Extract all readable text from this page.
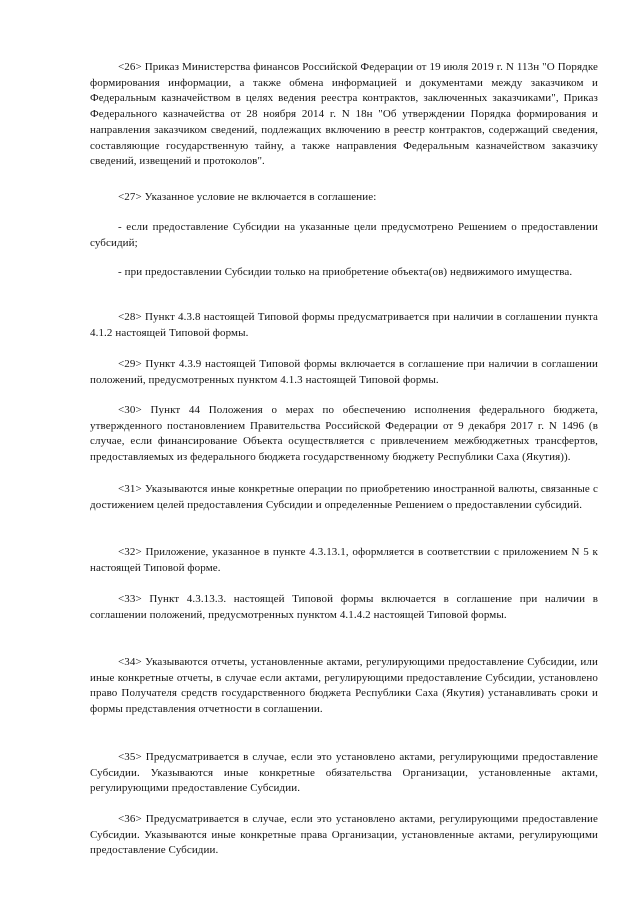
<26> Приказ Министерства финансов Российской Федерации от 19 июля 2019 г. N 113н "О Порядке формирования информации, а также обмена информацией и документами между заказчиком и Федеральным казначейством в целях ведения реестра контрактов, заключенных заказчиками", Приказ Федерального казначейства от 28 ноября 2014 г. N 18н "Об утверждении Порядка формирования и направления заказчиком сведений, подлежащих включению в реестр контрактов, содержащий сведения, составляющие государственную тайну, а также направления Федеральным казначейством заказчику сведений, извещений и протоколов".

<27> Указанное условие не включается в соглашение:

- если предоставление Субсидии на указанные цели предусмотрено Решением о предоставлении субсидий;

- при предоставлении Субсидии только на приобретение объекта(ов) недвижимого имущества.

<28> Пункт 4.3.8 настоящей Типовой формы предусматривается при наличии в соглашении пункта 4.1.2 настоящей Типовой формы.

<29> Пункт 4.3.9 настоящей Типовой формы включается в соглашение при наличии в соглашении положений, предусмотренных пунктом 4.1.3 настоящей Типовой формы.

<30> Пункт 44 Положения о мерах по обеспечению исполнения федерального бюджета, утвержденного постановлением Правительства Российской Федерации от 9 декабря 2017 г. N 1496 (в случае, если финансирование Объекта осуществляется с привлечением межбюджетных трансфертов, предоставляемых из федерального бюджета государственному бюджету Республики Саха (Якутия)).

<31> Указываются иные конкретные операции по приобретению иностранной валюты, связанные с достижением целей предоставления Субсидии и определенные Решением о предоставлении субсидий.

<32> Приложение, указанное в пункте 4.3.13.1, оформляется в соответствии с приложением N 5 к настоящей Типовой форме.

<33> Пункт 4.3.13.3. настоящей Типовой формы включается в соглашение при наличии в соглашении положений, предусмотренных пунктом 4.1.4.2 настоящей Типовой формы.

<34> Указываются отчеты, установленные актами, регулирующими предоставление Субсидии, или иные конкретные отчеты, в случае если актами, регулирующими предоставление Субсидии, установлено право Получателя средств государственного бюджета Республики Саха (Якутия) устанавливать сроки и формы представления отчетности в соглашении.

<35> Предусматривается в случае, если это установлено актами, регулирующими предоставление Субсидии. Указываются иные конкретные обязательства Организации, установленные актами, регулирующими предоставление Субсидии.

<36> Предусматривается в случае, если это установлено актами, регулирующими предоставление Субсидии. Указываются иные конкретные права Организации, установленные актами, регулирующими предоставление Субсидии.
